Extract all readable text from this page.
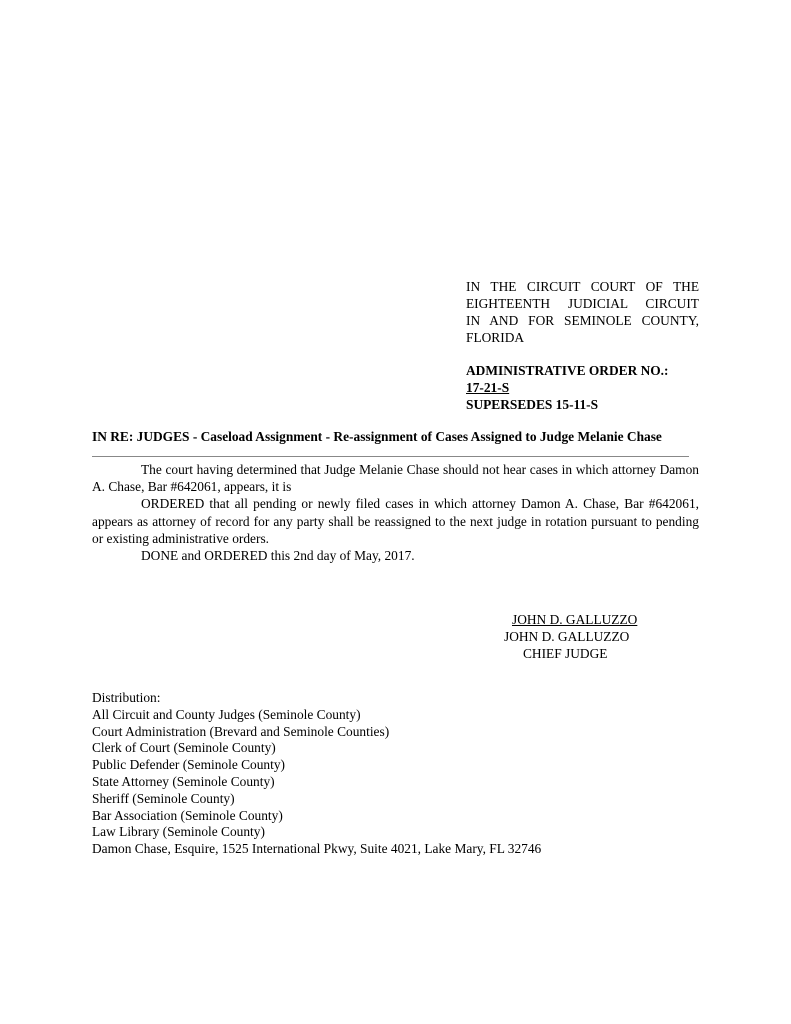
IN THE CIRCUIT COURT OF THE
EIGHTEENTH JUDICIAL CIRCUIT
IN AND FOR SEMINOLE COUNTY,
FLORIDA
ADMINISTRATIVE ORDER NO.:
17-21-S
SUPERSEDES 15-11-S
IN RE: JUDGES - Caseload Assignment - Re-assignment of Cases Assigned to Judge Melanie Chase

The court having determined that Judge Melanie Chase should not hear cases in which attorney Damon A. Chase, Bar #642061, appears, it is

ORDERED that all pending or newly filed cases in which attorney Damon A. Chase, Bar #642061, appears as attorney of record for any party shall be reassigned to the next judge in rotation pursuant to pending or existing administrative orders.

DONE and ORDERED this 2nd day of May, 2017.

JOHN D. GALLUZZO
JOHN D. GALLUZZO
CHIEF JUDGE
Distribution:
All Circuit and County Judges (Seminole County)
Court Administration (Brevard and Seminole Counties)
Clerk of Court (Seminole County)
Public Defender (Seminole County)
State Attorney (Seminole County)
Sheriff (Seminole County)
Bar Association (Seminole County)
Law Library (Seminole County)
Damon Chase, Esquire, 1525 International Pkwy, Suite 4021, Lake Mary, FL 32746
